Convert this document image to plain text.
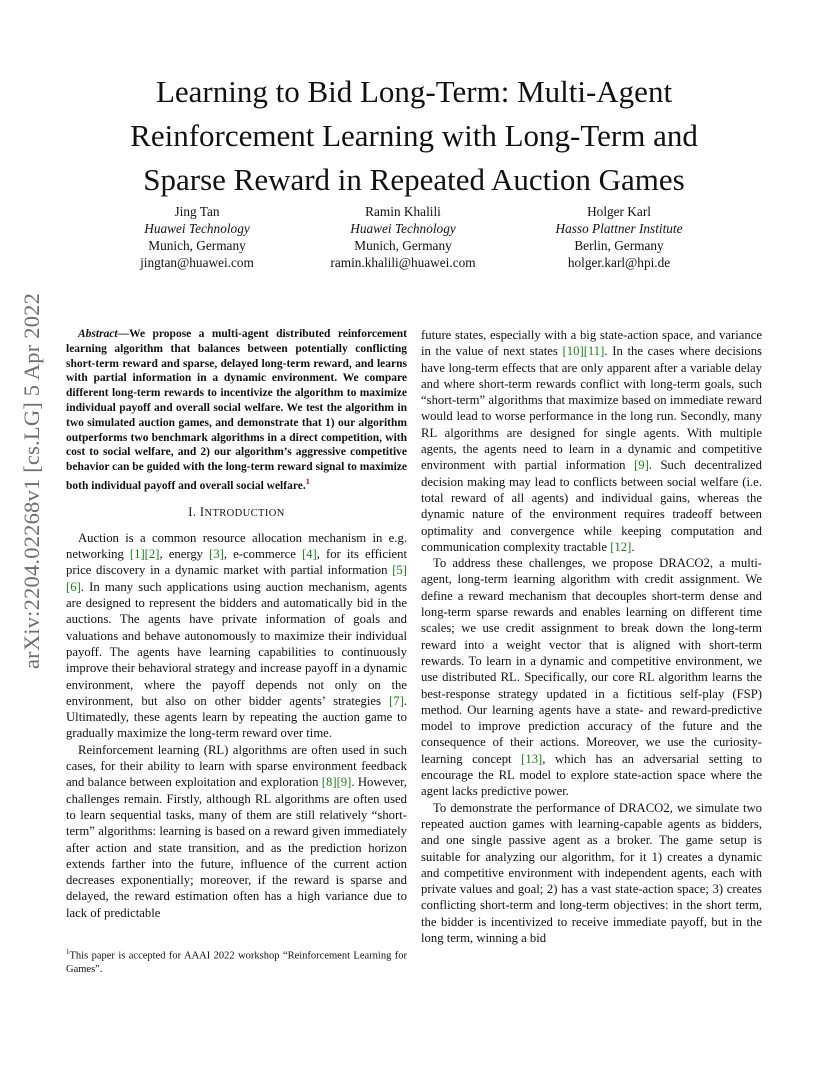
Learning to Bid Long-Term: Multi-Agent
Reinforcement Learning with Long-Term and
Sparse Reward in Repeated Auction Games
Jing Tan
Huawei Technology
Munich, Germany
jingtan@huawei.com
Ramin Khalili
Huawei Technology
Munich, Germany
ramin.khalili@huawei.com
Holger Karl
Hasso Plattner Institute
Berlin, Germany
holger.karl@hpi.de
arXiv:2204.02268v1 [cs.LG] 5 Apr 2022	Abstract—We propose a multi-agent distributed reinforcement learning algorithm that balances between potentially conflicting short-term reward and sparse, delayed long-term reward, and learns with partial information in a dynamic environment. We compare different long-term rewards to incentivize the algorithm to maximize individual payoff and overall social welfare. We test the algorithm in two simulated auction games, and demonstrate that 1) our algorithm outperforms two benchmark algorithms in a direct competition, with cost to social welfare, and 2) our algorithm’s aggressive competitive behavior can be guided with the long-term reward signal to maximize both individual payoff and overall social welfare.$^1$

I. INTRODUCTION

Auction is a common resource allocation mechanism in e.g. networking [1][2], energy [3], e-commerce [4], for its efficient price discovery in a dynamic market with partial information [5][6]. In many such applications using auction mechanism, agents are designed to represent the bidders and automatically bid in the auctions. The agents have private information of goals and valuations and behave autonomously to maximize their individual payoff. The agents have learning capabilities to continuously improve their behavioral strategy and increase payoff in a dynamic environment, where the payoff depends not only on the environment, but also on other bidder agents’ strategies [7]. Ultimatedly, these agents learn by repeating the auction game to gradually maximize the long-term reward over time.

Reinforcement learning (RL) algorithms are often used in such cases, for their ability to learn with sparse environment feedback and balance between exploitation and exploration [8][9]. However, challenges remain. Firstly, although RL algorithms are often used to learn sequential tasks, many of them are still relatively “short-term” algorithms: learning is based on a reward given immediately after action and state transition, and as the prediction horizon extends farther into the future, influence of the current action decreases exponentially; moreover, if the reward is sparse and delayed, the reward estimation often has a high variance due to lack of predictable

future states, especially with a big state-action space, and variance in the value of next states [10][11]. In the cases where decisions have long-term effects that are only apparent after a variable delay and where short-term rewards conflict with long-term goals, such “short-term” algorithms that maximize based on immediate reward would lead to worse performance in the long run. Secondly, many RL algorithms are designed for single agents. With multiple agents, the agents need to learn in a dynamic and competitive environment with partial information [9]. Such decentralized decision making may lead to conflicts between social welfare (i.e. total reward of all agents) and individual gains, whereas the dynamic nature of the environment requires tradeoff between optimality and convergence while keeping computation and communication complexity tractable [12].

To address these challenges, we propose DRACO2, a multi-agent, long-term learning algorithm with credit assignment. We define a reward mechanism that decouples short-term dense and long-term sparse rewards and enables learning on different time scales; we use credit assignment to break down the long-term reward into a weight vector that is aligned with short-term rewards. To learn in a dynamic and competitive environment, we use distributed RL. Specifically, our core RL algorithm learns the best-response strategy updated in a fictitious self-play (FSP) method. Our learning agents have a state- and reward-predictive model to improve prediction accuracy of the future and the consequence of their actions. Moreover, we use the curiosity-learning concept [13], which has an adversarial setting to encourage the RL model to explore state-action space where the agent lacks predictive power.

To demonstrate the performance of DRACO2, we simulate two repeated auction games with learning-capable agents as bidders, and one single passive agent as a broker. The game setup is suitable for analyzing our algorithm, for it 1) creates a dynamic and competitive environment with independent agents, each with private values and goal; 2) has a vast state-action space; 3) creates conflicting short-term and long-term objectives: in the short term, the bidder is incentivized to receive immediate payoff, but in the long term, winning a bid

$^1$This paper is accepted for AAAI 2022 workshop “Reinforcement Learning for Games”.
